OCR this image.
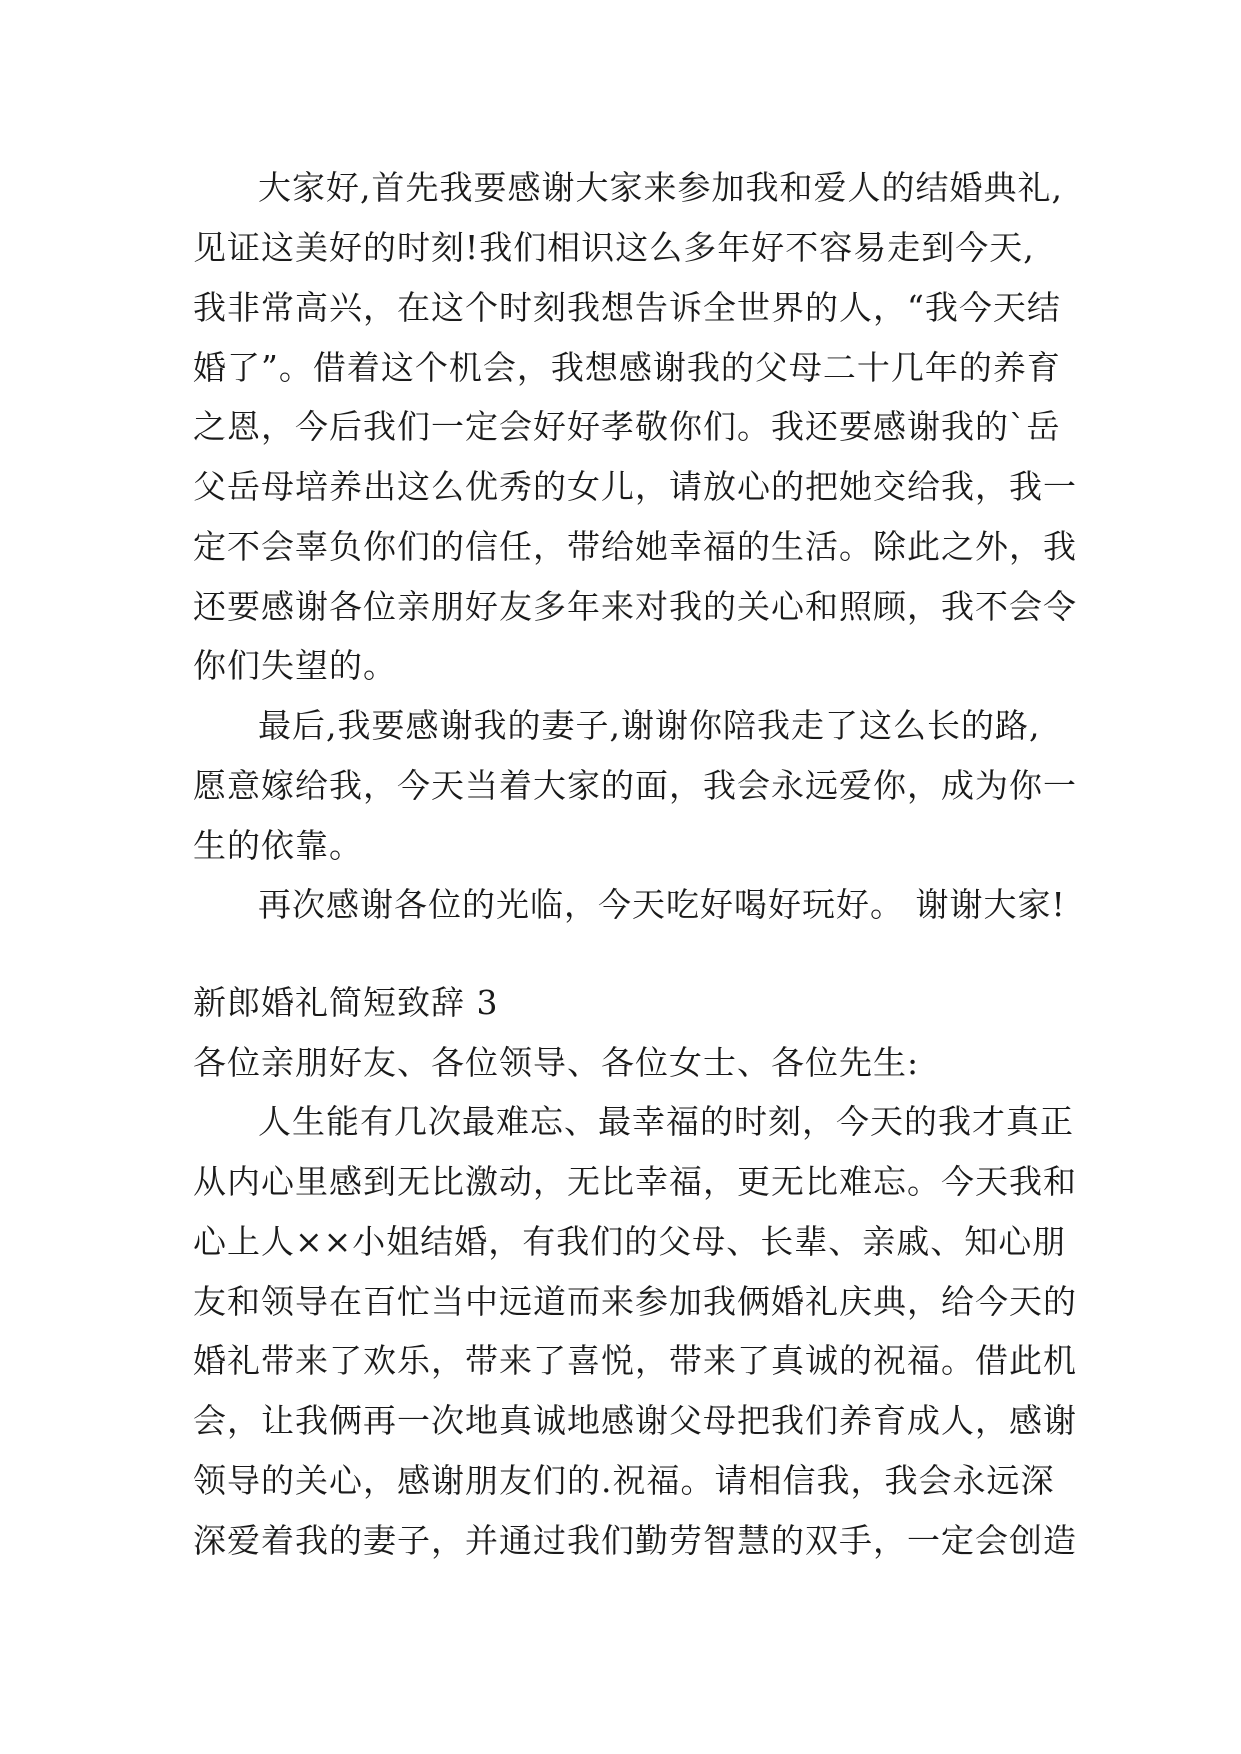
大家好,首先我要感谢大家来参加我和爱人的结婚典礼,
见证这美好的时刻!我们相识这么多年好不容易走到今天,
我非常高兴，在这个时刻我想告诉全世界的人，“我今天结
婚了”。借着这个机会，我想感谢我的父母二十几年的养育
之恩，今后我们一定会好好孝敬你们。我还要感谢我的`岳
父岳母培养出这么优秀的女儿，请放心的把她交给我，我一
定不会辜负你们的信任，带给她幸福的生活。除此之外，我
还要感谢各位亲朋好友多年来对我的关心和照顾，我不会令
你们失望的。
最后,我要感谢我的妻子,谢谢你陪我走了这么长的路,
愿意嫁给我，今天当着大家的面，我会永远爱你，成为你一
生的依靠。
再次感谢各位的光临，今天吃好喝好玩好。 谢谢大家!
新郎婚礼简短致辞 3
各位亲朋好友、各位领导、各位女士、各位先生:
人生能有几次最难忘、最幸福的时刻，今天的我才真正
从内心里感到无比激动，无比幸福，更无比难忘。今天我和
心上人××小姐结婚，有我们的父母、长辈、亲戚、知心朋
友和领导在百忙当中远道而来参加我俩婚礼庆典，给今天的
婚礼带来了欢乐，带来了喜悦，带来了真诚的祝福。借此机
会，让我俩再一次地真诚地感谢父母把我们养育成人，感谢
领导的关心，感谢朋友们的.祝福。请相信我，我会永远深
深爱着我的妻子，并通过我们勤劳智慧的双手，一定会创造
